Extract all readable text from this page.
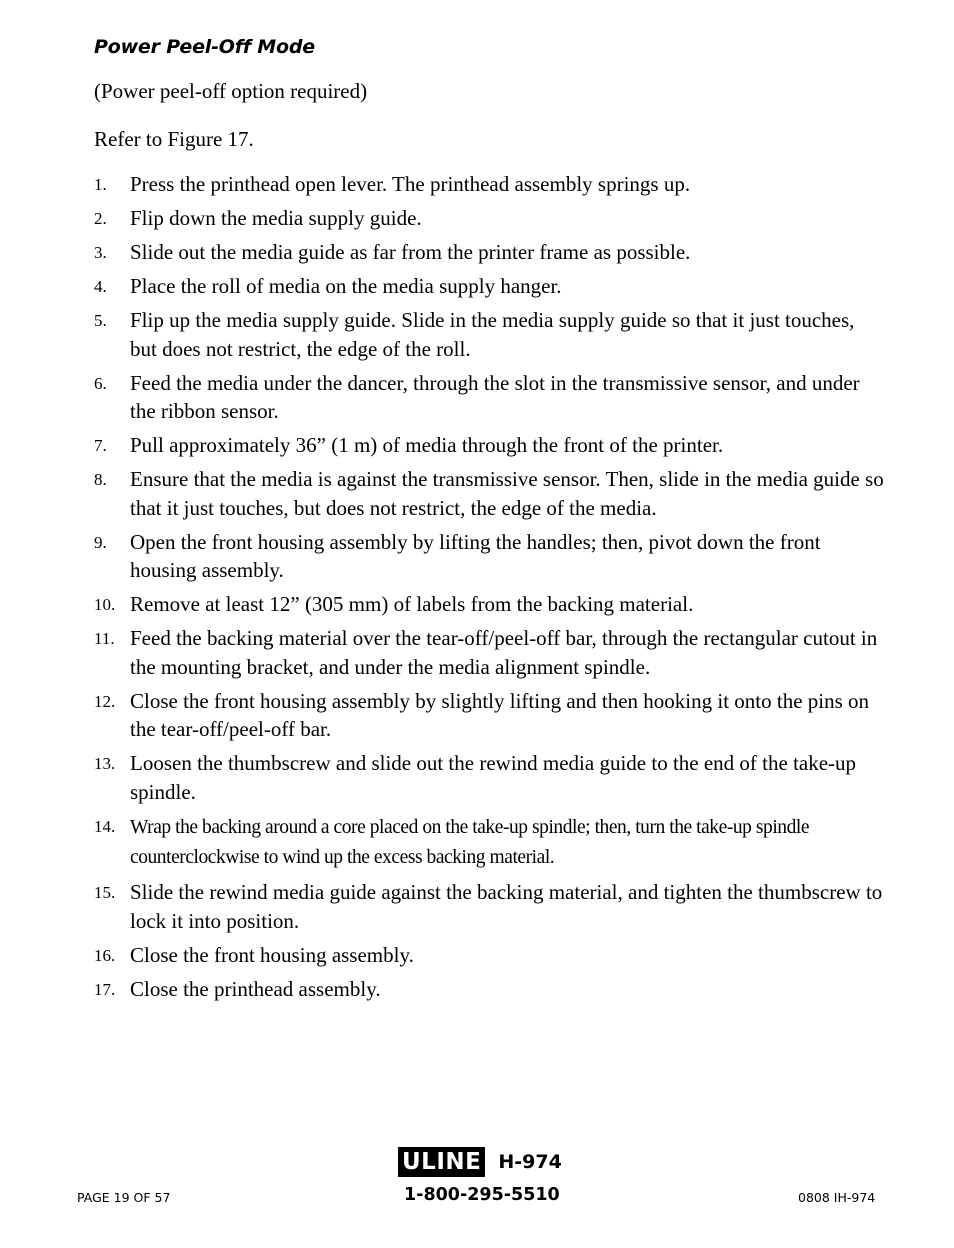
Power Peel-Off Mode
(Power peel-off option required)
Refer to Figure 17.
1. Press the printhead open lever. The printhead assembly springs up.
2. Flip down the media supply guide.
3. Slide out the media guide as far from the printer frame as possible.
4. Place the roll of media on the media supply hanger.
5. Flip up the media supply guide. Slide in the media supply guide so that it just touches, but does not restrict, the edge of the roll.
6. Feed the media under the dancer, through the slot in the transmissive sensor, and under the ribbon sensor.
7. Pull approximately 36” (1 m) of media through the front of the printer.
8. Ensure that the media is against the transmissive sensor. Then, slide in the media guide so that it just touches, but does not restrict, the edge of the media.
9. Open the front housing assembly by lifting the handles; then, pivot down the front housing assembly.
10. Remove at least 12” (305 mm) of labels from the backing material.
11. Feed the backing material over the tear-off/peel-off bar, through the rectangular cutout in the mounting bracket, and under the media alignment spindle.
12. Close the front housing assembly by slightly lifting and then hooking it onto the pins on the tear-off/peel-off bar.
13. Loosen the thumbscrew and slide out the rewind media guide to the end of the take-up spindle.
14. Wrap the backing around a core placed on the take-up spindle; then, turn the take-up spindle counterclockwise to wind up the excess backing material.
15. Slide the rewind media guide against the backing material, and tighten the thumbscrew to lock it into position.
16. Close the front housing assembly.
17. Close the printhead assembly.
ULINE H-974
1-800-295-5510
PAGE 19 OF 57	0808 IH-974
